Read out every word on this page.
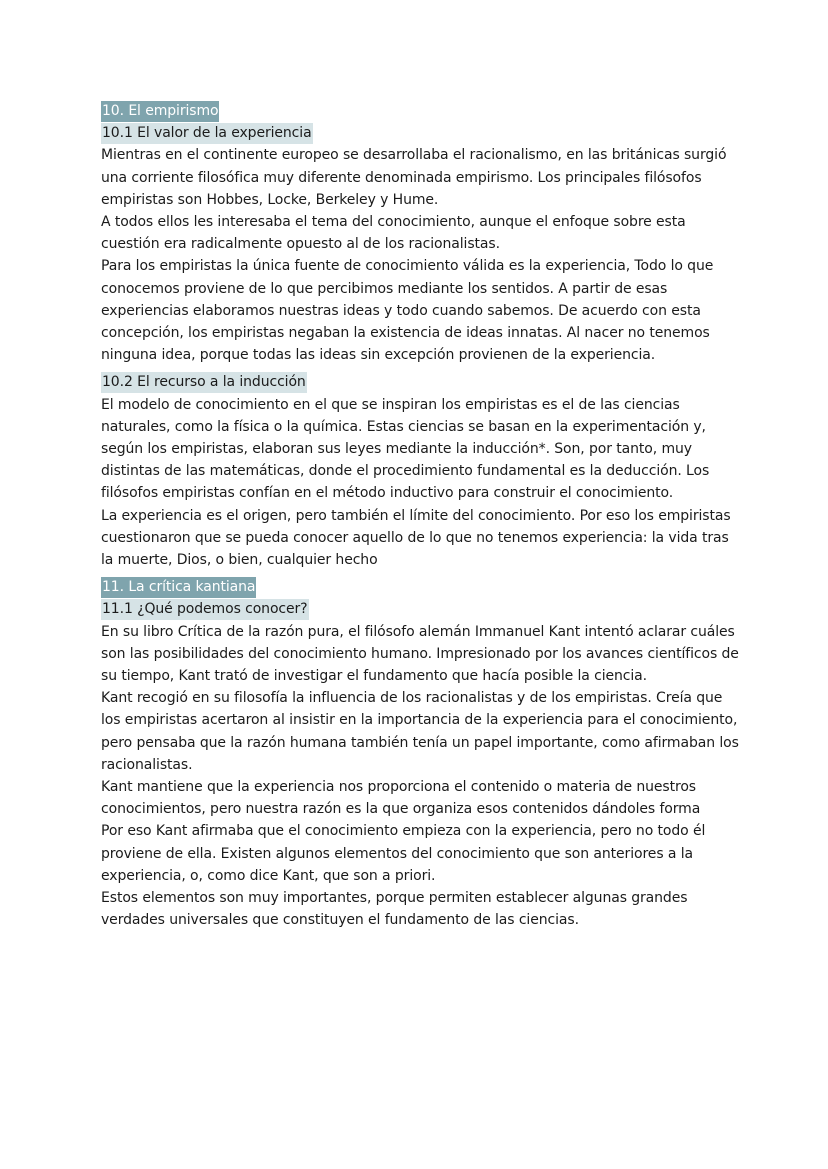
10. El empirismo
10.1 El valor de la experiencia

Mientras en el continente europeo se desarrollaba el racionalismo, en las británicas surgió una corriente filosófica muy diferente denominada empirismo. Los principales filósofos empiristas son Hobbes, Locke, Berkeley y Hume.

A todos ellos les interesaba el tema del conocimiento, aunque el enfoque sobre esta cuestión era radicalmente opuesto al de los racionalistas.

Para los empiristas la única fuente de conocimiento válida es la experiencia, Todo lo que conocemos proviene de lo que percibimos mediante los sentidos. A partir de esas experiencias elaboramos nuestras ideas y todo cuando sabemos. De acuerdo con esta concepción, los empiristas negaban la existencia de ideas innatas. Al nacer no tenemos ninguna idea, porque todas las ideas sin excepción provienen de la experiencia.

10.2 El recurso a la inducción

El modelo de conocimiento en el que se inspiran los empiristas es el de las ciencias naturales, como la física o la química. Estas ciencias se basan en la experimentación y, según los empiristas, elaboran sus leyes mediante la inducción*. Son, por tanto, muy distintas de las matemáticas, donde el procedimiento fundamental es la deducción. Los filósofos empiristas confían en el método inductivo para construir el conocimiento.

La experiencia es el origen, pero también el límite del conocimiento. Por eso los empiristas cuestionaron que se pueda conocer aquello de lo que no tenemos experiencia: la vida tras la muerte, Dios, o bien, cualquier hecho

11. La crítica kantiana
11.1 ¿Qué podemos conocer?

En su libro Crítica de la razón pura, el filósofo alemán Immanuel Kant intentó aclarar cuáles son las posibilidades del conocimiento humano. Impresionado por los avances científicos de su tiempo, Kant trató de investigar el fundamento que hacía posible la ciencia.

Kant recogió en su filosofía la influencia de los racionalistas y de los empiristas. Creía que los empiristas acertaron al insistir en la importancia de la experiencia para el conocimiento, pero pensaba que la razón humana también tenía un papel importante, como afirmaban los racionalistas.

Kant mantiene que la experiencia nos proporciona el contenido o materia de nuestros conocimientos, pero nuestra razón es la que organiza esos contenidos dándoles forma

Por eso Kant afirmaba que el conocimiento empieza con la experiencia, pero no todo él proviene de ella. Existen algunos elementos del conocimiento que son anteriores a la experiencia, o, como dice Kant, que son a priori.

Estos elementos son muy importantes, porque permiten establecer algunas grandes verdades universales que constituyen el fundamento de las ciencias.
